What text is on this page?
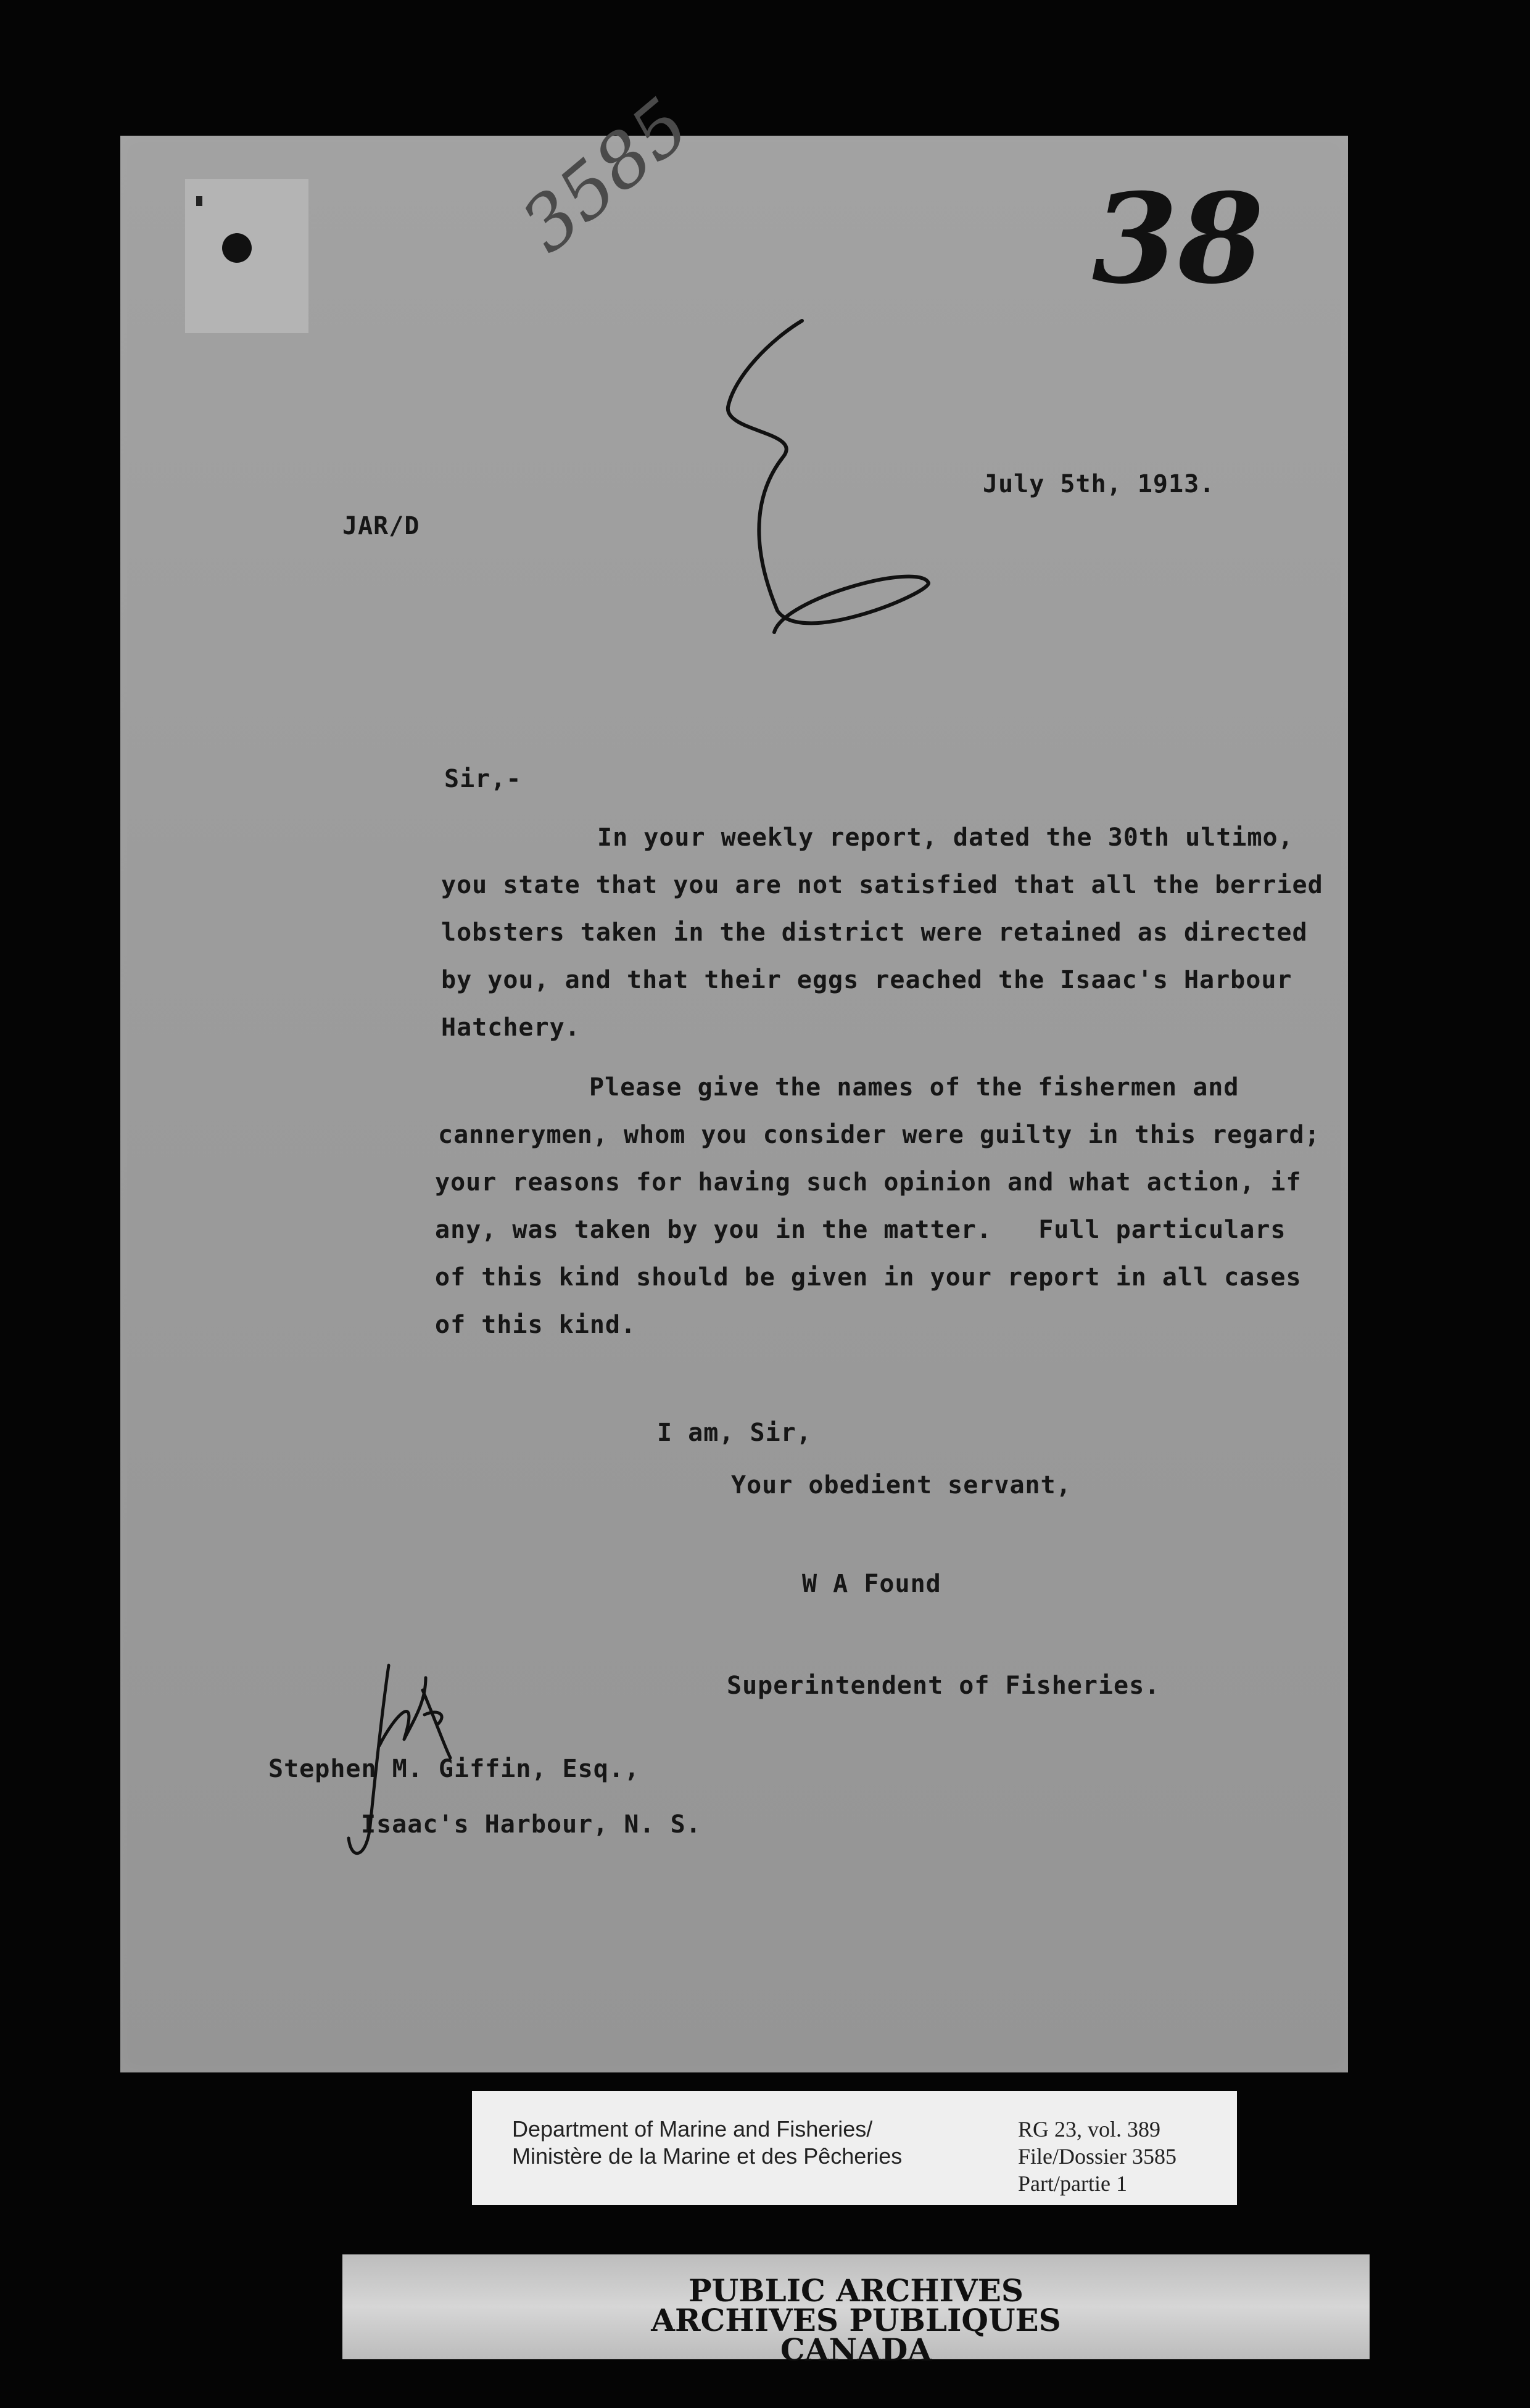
3585	38

JAR/D

July 5th, 1913.

Sir,-

In your weekly report, dated the 30th ultimo,

you state that you are not satisfied that all the berried

lobsters taken in the district were retained as directed

by you, and that their eggs reached the Isaac's Harbour

Hatchery.

Please give the names of the fishermen and

cannerymen, whom you consider were guilty in this regard;

your reasons for having such opinion and what action, if

any, was taken by you in the matter.   Full particulars

of this kind should be given in your report in all cases

of this kind.

I am, Sir,

Your obedient servant,

W A Found

Superintendent of Fisheries.

Stephen M. Giffin, Esq.,

Isaac's Harbour, N. S.

Department of Marine and Fisheries/
Ministère de la Marine et des Pêcheries
RG 23, vol. 389
File/Dossier 3585
Part/partie 1
PUBLIC ARCHIVES
ARCHIVES PUBLIQUES
CANADA
